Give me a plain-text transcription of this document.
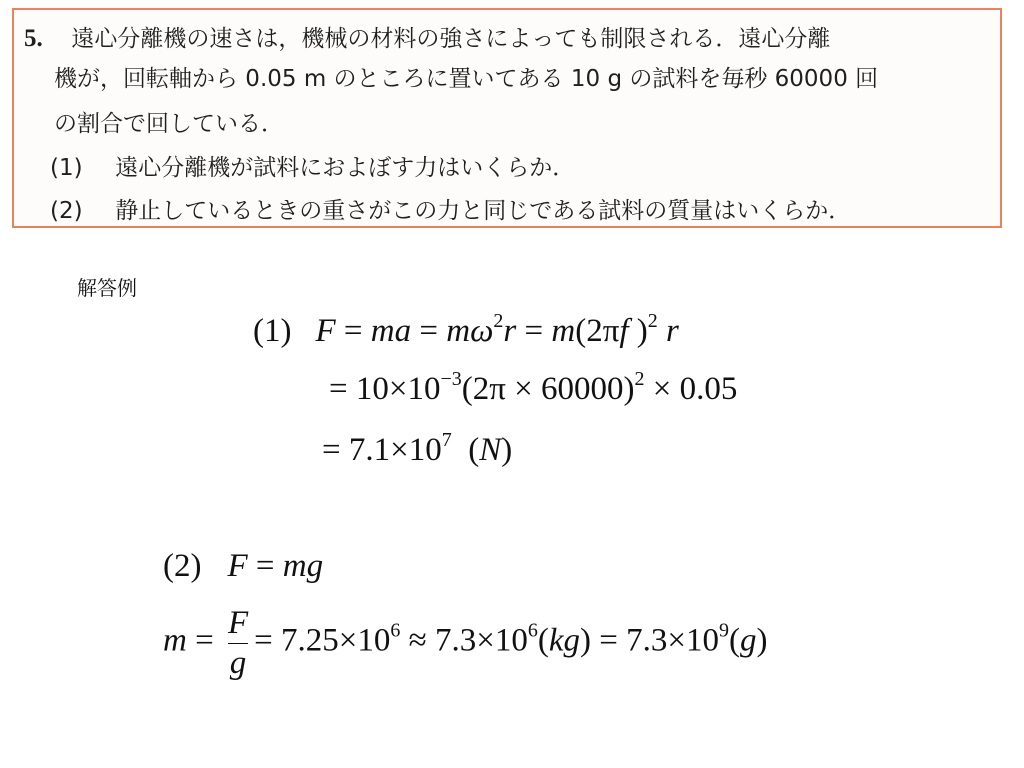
5. 遠心分離機の速さは，機械の材料の強さによっても制限される．遠心分離
機が，回転軸から 0.05 m のところに置いてある 10 g の試料を毎秒 60000 回
の割合で回している．
(1) 遠心分離機が試料におよぼす力はいくらか．
(2) 静止しているときの重さがこの力と同じである試料の質量はいくらか．
解答例
(1) F = ma = $m\omega^2r = m(2\pi f$ )$^2$ r
= $10\times 10^{-3}(2\pi \times 60000)^2 \times 0.05$
= $7.1\times 10^7$  (N)
(2) F = mg
$m = \frac{F}{g} = 7.25\times 10^6 \approx 7.3\times 10^6(kg) = 7.3\times 10^9(g)$
